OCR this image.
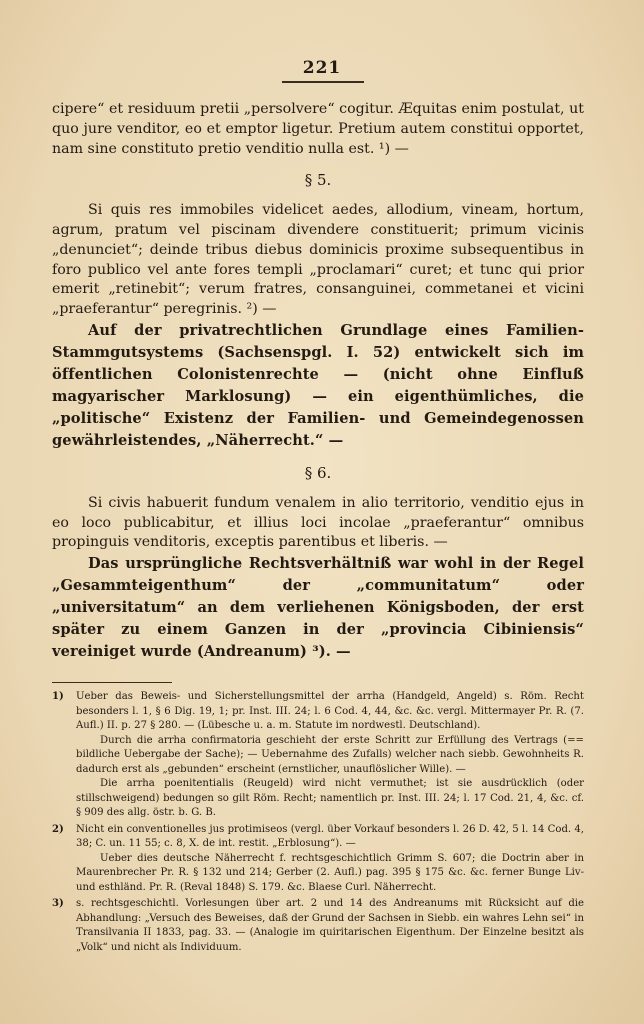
221

cipere“ et residuum pretii „persolvere“ cogitur. Æquitas enim postulat, ut quo jure venditor, eo et emptor ligetur. Pretium autem constitui opportet, nam sine constituto pretio venditio nulla est. ¹) —

§ 5.

Si quis res immobiles videlicet aedes, allodium, vineam, hortum, agrum, pratum vel piscinam divendere constituerit; primum vicinis „denunciet“; deinde tribus diebus dominicis proxime subsequentibus in foro publico vel ante fores templi „proclamari“ curet; et tunc qui prior emerit „retinebit“; verum fratres, consanguinei, commetanei et vicini „praeferantur“ peregrinis. ²) —

Auf der privatrechtlichen Grundlage eines Familien-Stammgutsystems (Sachsenspgl. I. 52) entwickelt sich im öffentlichen Colonistenrechte — (nicht ohne Einfluß magyarischer Marklosung) — ein eigenthümliches, die „politische“ Existenz der Familien- und Gemeindegenossen gewährleistendes, „Näherrecht.“ —

§ 6.

Si civis habuerit fundum venalem in alio territorio, venditio ejus in eo loco publicabitur, et illius loci incolae „praeferantur“ omnibus propinguis venditoris, exceptis parentibus et liberis. —

Das ursprüngliche Rechtsverhältniß war wohl in der Regel „Gesammteigenthum“ der „communitatum“ oder „universitatum“ an dem verliehenen Königsboden, der erst später zu einem Ganzen in der „provincia Cibiniensis“ vereiniget wurde (Andreanum) ³). —

1)	Ueber das Beweis- und Sicherstellungsmittel der arrha (Handgeld, Angeld) s. Röm. Recht besonders l. 1, § 6 Dig. 19, 1; pr. Inst. III. 24; l. 6 Cod. 4, 44, &c. &c. vergl. Mittermayer Pr. R. (7. Aufl.) II. p. 27 § 280. — (Lübesche u. a. m. Statute im nordwestl. Deutschland).

Durch die arrha confirmatoria geschieht der erste Schritt zur Erfüllung des Vertrags (== bildliche Uebergabe der Sache); — Uebernahme des Zufalls) welcher nach siebb. Gewohnheits R. dadurch erst als „gebunden“ erscheint (ernstlicher, unauflöslicher Wille). —

Die arrha poenitentialis (Reugeld) wird nicht vermuthet; ist sie ausdrücklich (oder stillschweigend) bedungen so gilt Röm. Recht; namentlich pr. Inst. III. 24; l. 17 Cod. 21, 4, &c. cf. § 909 des allg. östr. b. G. B.

2)	Nicht ein conventionelles jus protimiseos (vergl. über Vorkauf besonders l. 26 D. 42, 5 l. 14 Cod. 4, 38; C. un. 11 55; c. 8, X. de int. restit. „Erblosung“). —

Ueber dies deutsche Näherrecht f. rechtsgeschichtlich Grimm S. 607; die Doctrin aber in Maurenbrecher Pr. R. § 132 und 214; Gerber (2. Aufl.) pag. 395 § 175 &c. &c. ferner Bunge Liv- und esthländ. Pr. R. (Reval 1848) S. 179. &c. Blaese Curl. Näherrecht.

3)	s. rechtsgeschichtl. Vorlesungen über art. 2 und 14 des Andreanums mit Rücksicht auf die Abhandlung: „Versuch des Beweises, daß der Grund der Sachsen in Siebb. ein wahres Lehn sei“ in Transilvania II 1833, pag. 33. — (Analogie im quiritarischen Eigenthum. Der Einzelne besitzt als „Volk“ und nicht als Individuum.
